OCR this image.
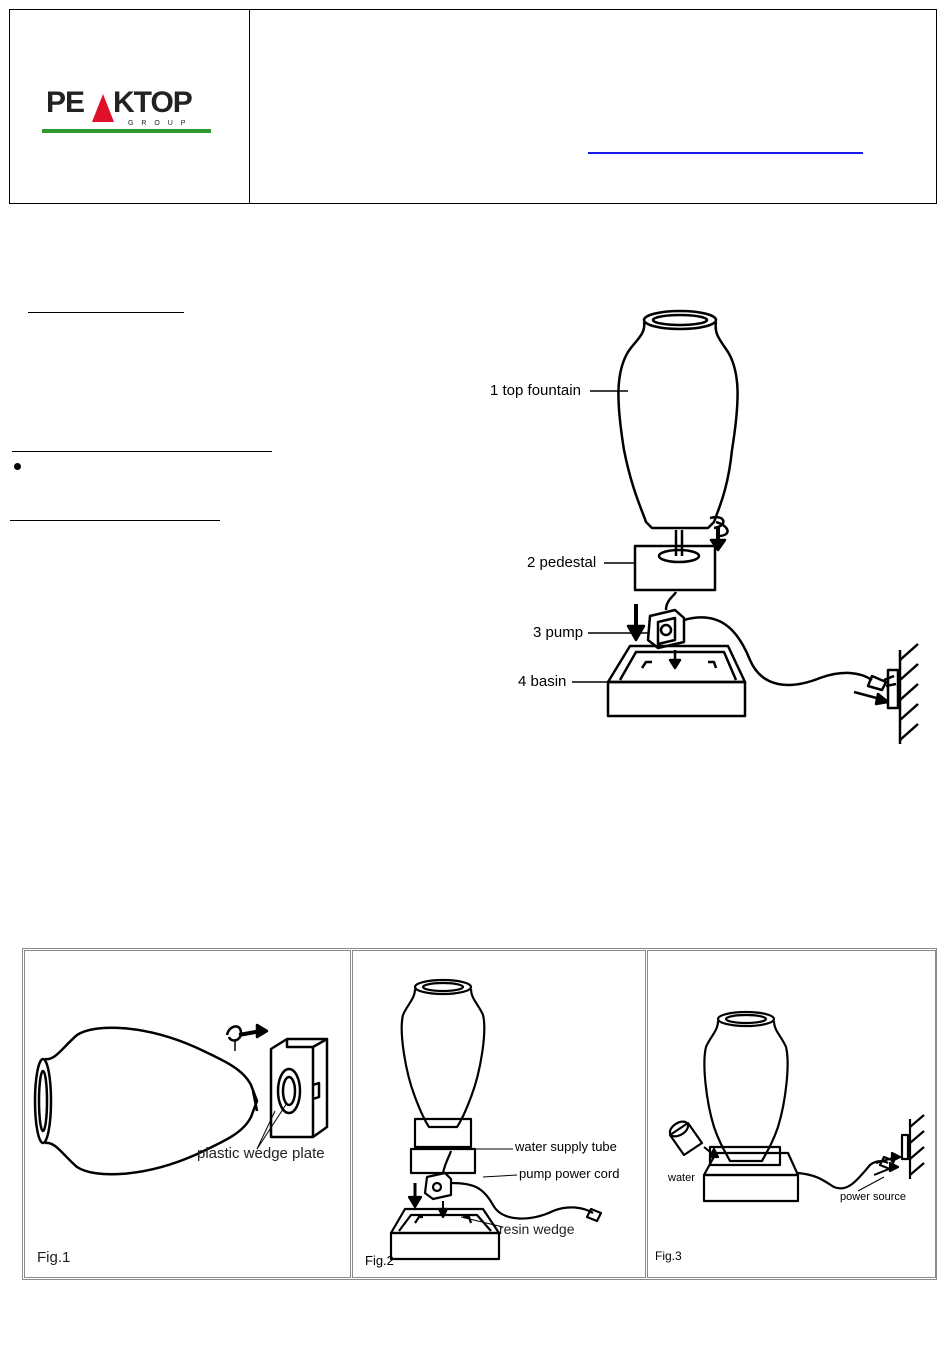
PE KTOP
G R O U P
1 top fountain
2 pedestal
3 pump
4 basin
plastic wedge plate
Fig.1
water supply tube
pump power cord
resin wedge
Fig.2
water
power source
Fig.3
